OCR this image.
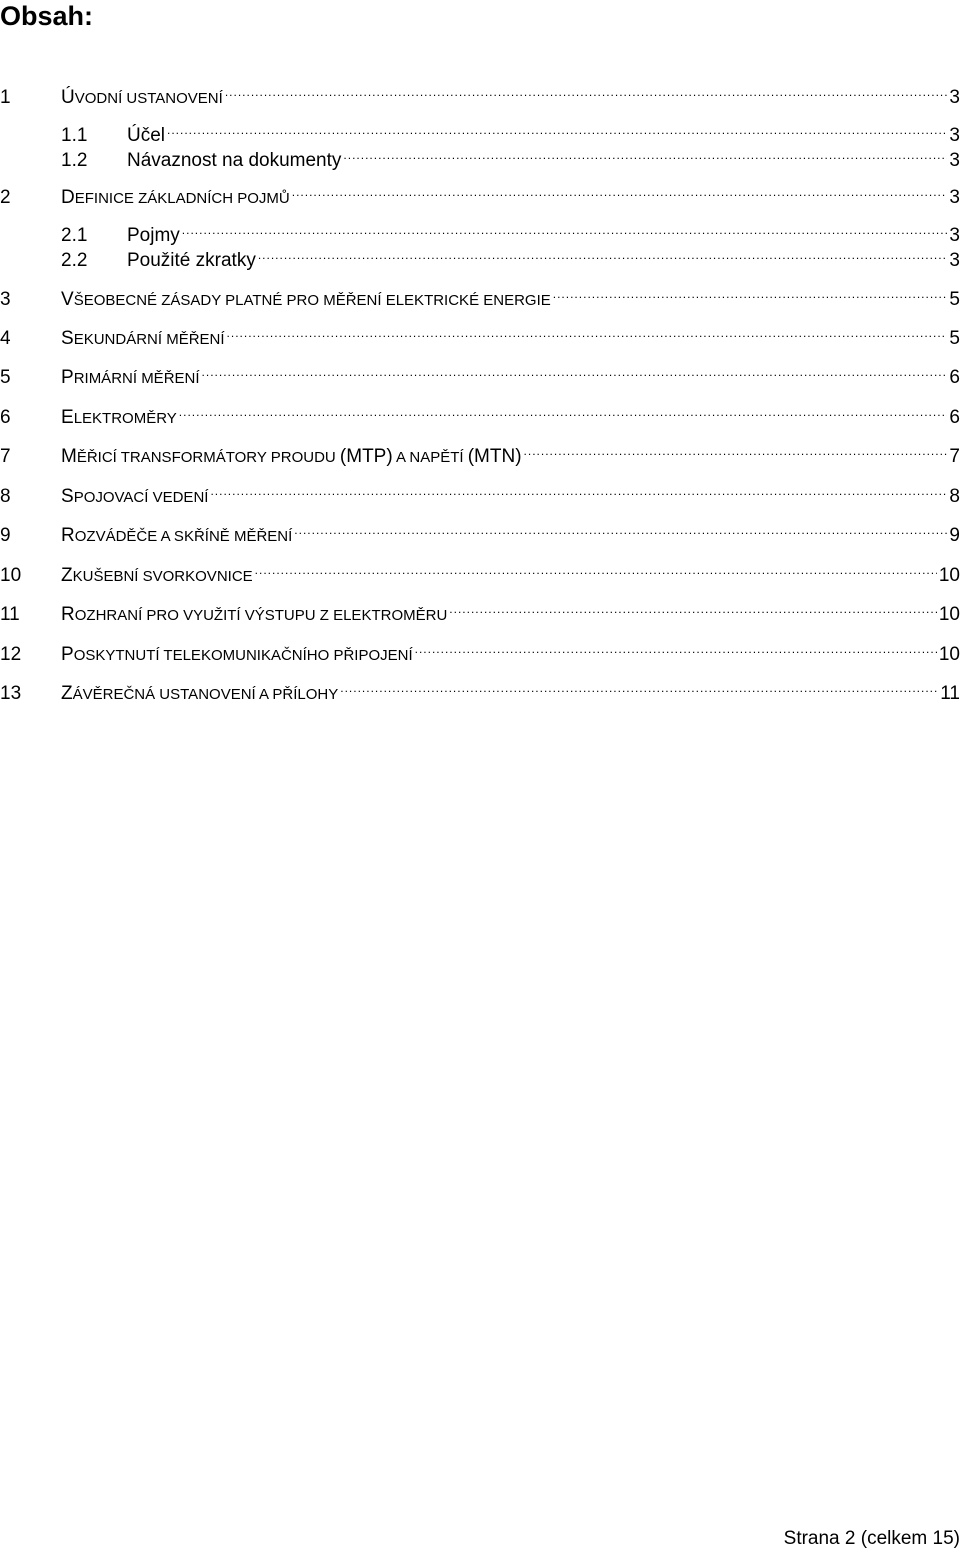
Obsah:
1	ÚVODNÍ USTANOVENÍ .....	3
1.1	Účel .....	3
1.2	Návaznost na dokumenty .....	3
2	DEFINICE ZÁKLADNÍCH POJMŮ .....	3
2.1	Pojmy .....	3
2.2	Použité zkratky .....	3
3	VŠEOBECNÉ ZÁSADY PLATNÉ PRO MĚŘENÍ ELEKTRICKÉ ENERGIE .....	5
4	SEKUNDÁRNÍ MĚŘENÍ .....	5
5	PRIMÁRNÍ MĚŘENÍ .....	6
6	ELEKTROMĚRY .....	6
7	MĚŘICÍ TRANSFORMÁTORY PROUDU (MTP) A NAPĚTÍ (MTN) .....	7
8	SPOJOVACÍ VEDENÍ .....	8
9	ROZVÁDĚČE A SKŘÍNĚ MĚŘENÍ .....	9
10	ZKUŠEBNÍ SVORKOVNICE .....	10
11	ROZHRANÍ PRO VYUŽITÍ VÝSTUPU Z ELEKTROMĚRU .....	10
12	POSKYTNUTÍ TELEKOMUNIKAČNÍHO PŘIPOJENÍ .....	10
13	ZÁVĚREČNÁ USTANOVENÍ A PŘÍLOHY .....	11
Strana 2 (celkem 15)
